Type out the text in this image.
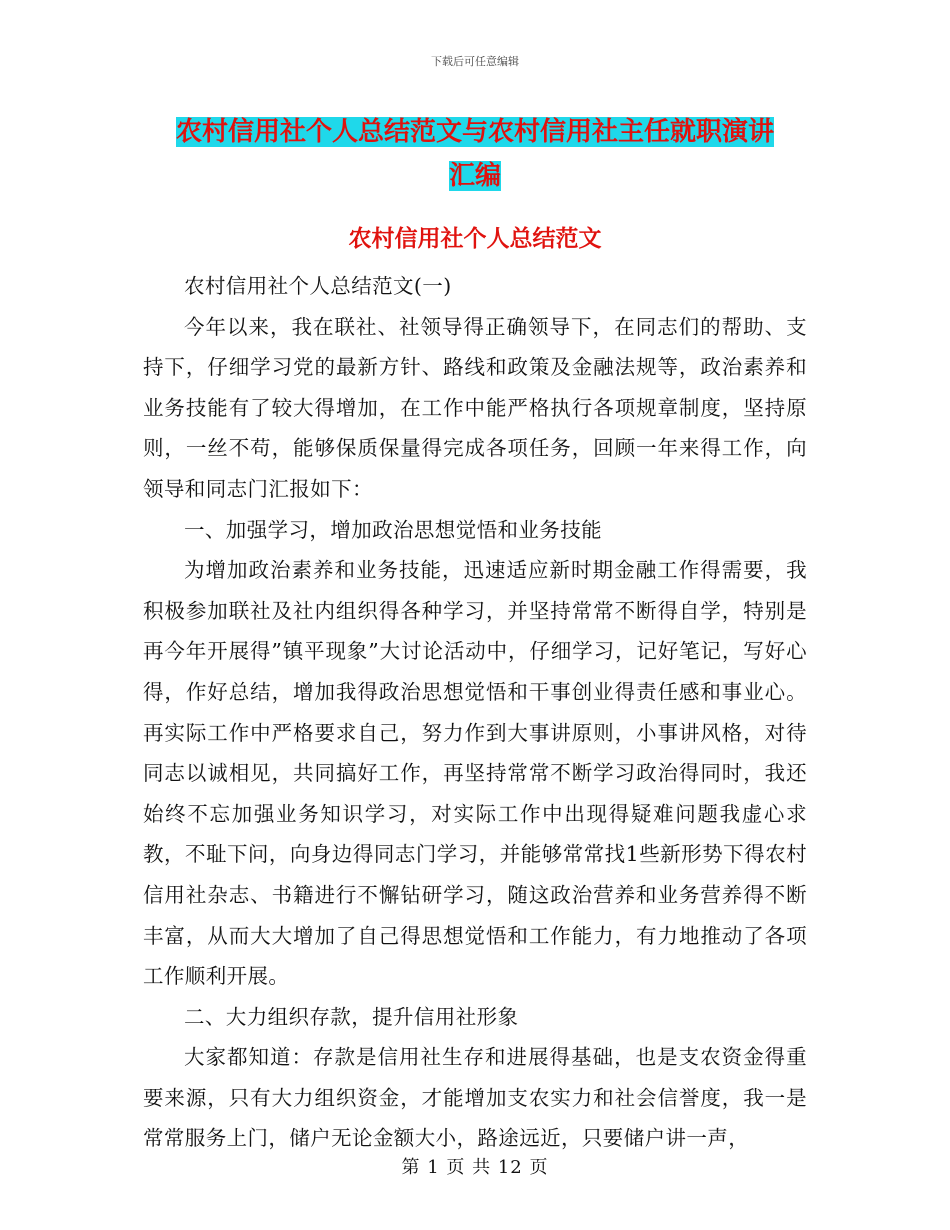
下载后可任意编辑
农村信用社个人总结范文与农村信用社主任就职演讲
汇编
农村信用社个人总结范文

农村信用社个人总结范文(一)

今年以来，我在联社、社领导得正确领导下，在同志们的帮助、支持下，仔细学习党的最新方针、路线和政策及金融法规等，政治素养和业务技能有了较大得增加，在工作中能严格执行各项规章制度，坚持原则，一丝不苟，能够保质保量得完成各项任务，回顾一年来得工作，向领导和同志门汇报如下：

一、加强学习，增加政治思想觉悟和业务技能

为增加政治素养和业务技能，迅速适应新时期金融工作得需要，我积极参加联社及社内组织得各种学习，并坚持常常不断得自学，特别是再今年开展得”镇平现象”大讨论活动中，仔细学习，记好笔记，写好心得，作好总结，增加我得政治思想觉悟和干事创业得责任感和事业心。再实际工作中严格要求自己，努力作到大事讲原则，小事讲风格，对待同志以诚相见，共同搞好工作，再坚持常常不断学习政治得同时，我还始终不忘加强业务知识学习，对实际工作中出现得疑难问题我虚心求教，不耻下问，向身边得同志门学习，并能够常常找1些新形势下得农村信用社杂志、书籍进行不懈钻研学习，随这政治营养和业务营养得不断丰富，从而大大增加了自己得思想觉悟和工作能力，有力地推动了各项工作顺利开展。

二、大力组织存款，提升信用社形象

大家都知道：存款是信用社生存和进展得基础，也是支农资金得重要来源，只有大力组织资金，才能增加支农实力和社会信誉度，我一是常常服务上门，储户无论金额大小，路途远近，只要储户讲一声，

第 1 页 共 12 页
